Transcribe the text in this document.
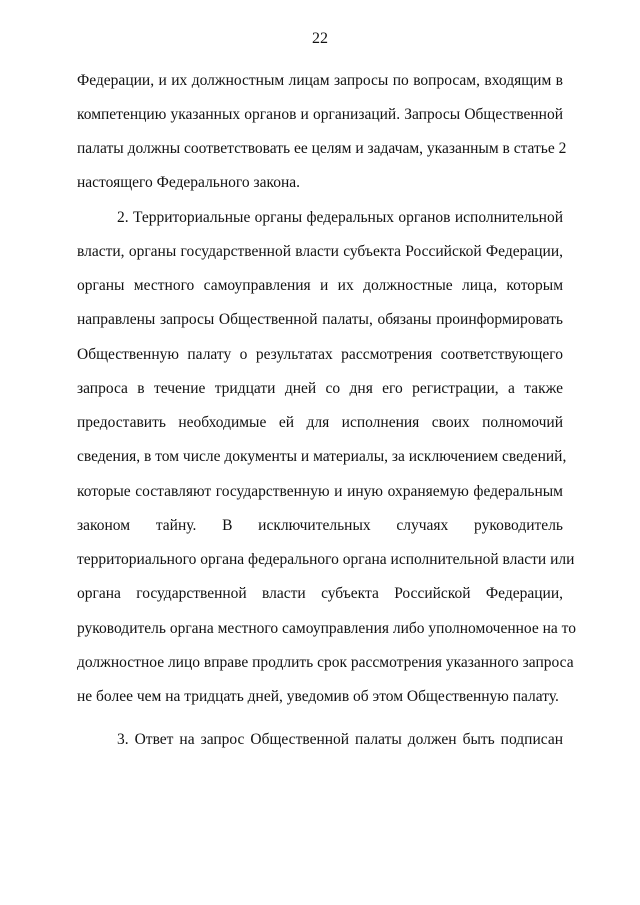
22
Федерации, и их должностным лицам запросы по вопросам, входящим в
компетенцию указанных органов и организаций. Запросы Общественной
палаты должны соответствовать ее целям и задачам, указанным в статье 2
настоящего Федерального закона.
2. Территориальные органы федеральных органов исполнительной
власти, органы государственной власти субъекта Российской Федерации,
органы местного самоуправления и их должностные лица, которым
направлены запросы Общественной палаты, обязаны проинформировать
Общественную палату о результатах рассмотрения соответствующего
запроса в течение тридцати дней со дня его регистрации, а также
предоставить необходимые ей для исполнения своих полномочий
сведения, в том числе документы и материалы, за исключением сведений,
которые составляют государственную и иную охраняемую федеральным
законом тайну. В исключительных случаях руководитель
территориального органа федерального органа исполнительной власти или
органа государственной власти субъекта Российской Федерации,
руководитель органа местного самоуправления либо уполномоченное на то
должностное лицо вправе продлить срок рассмотрения указанного запроса
не более чем на тридцать дней, уведомив об этом Общественную палату.
3. Ответ на запрос Общественной палаты должен быть подписан
